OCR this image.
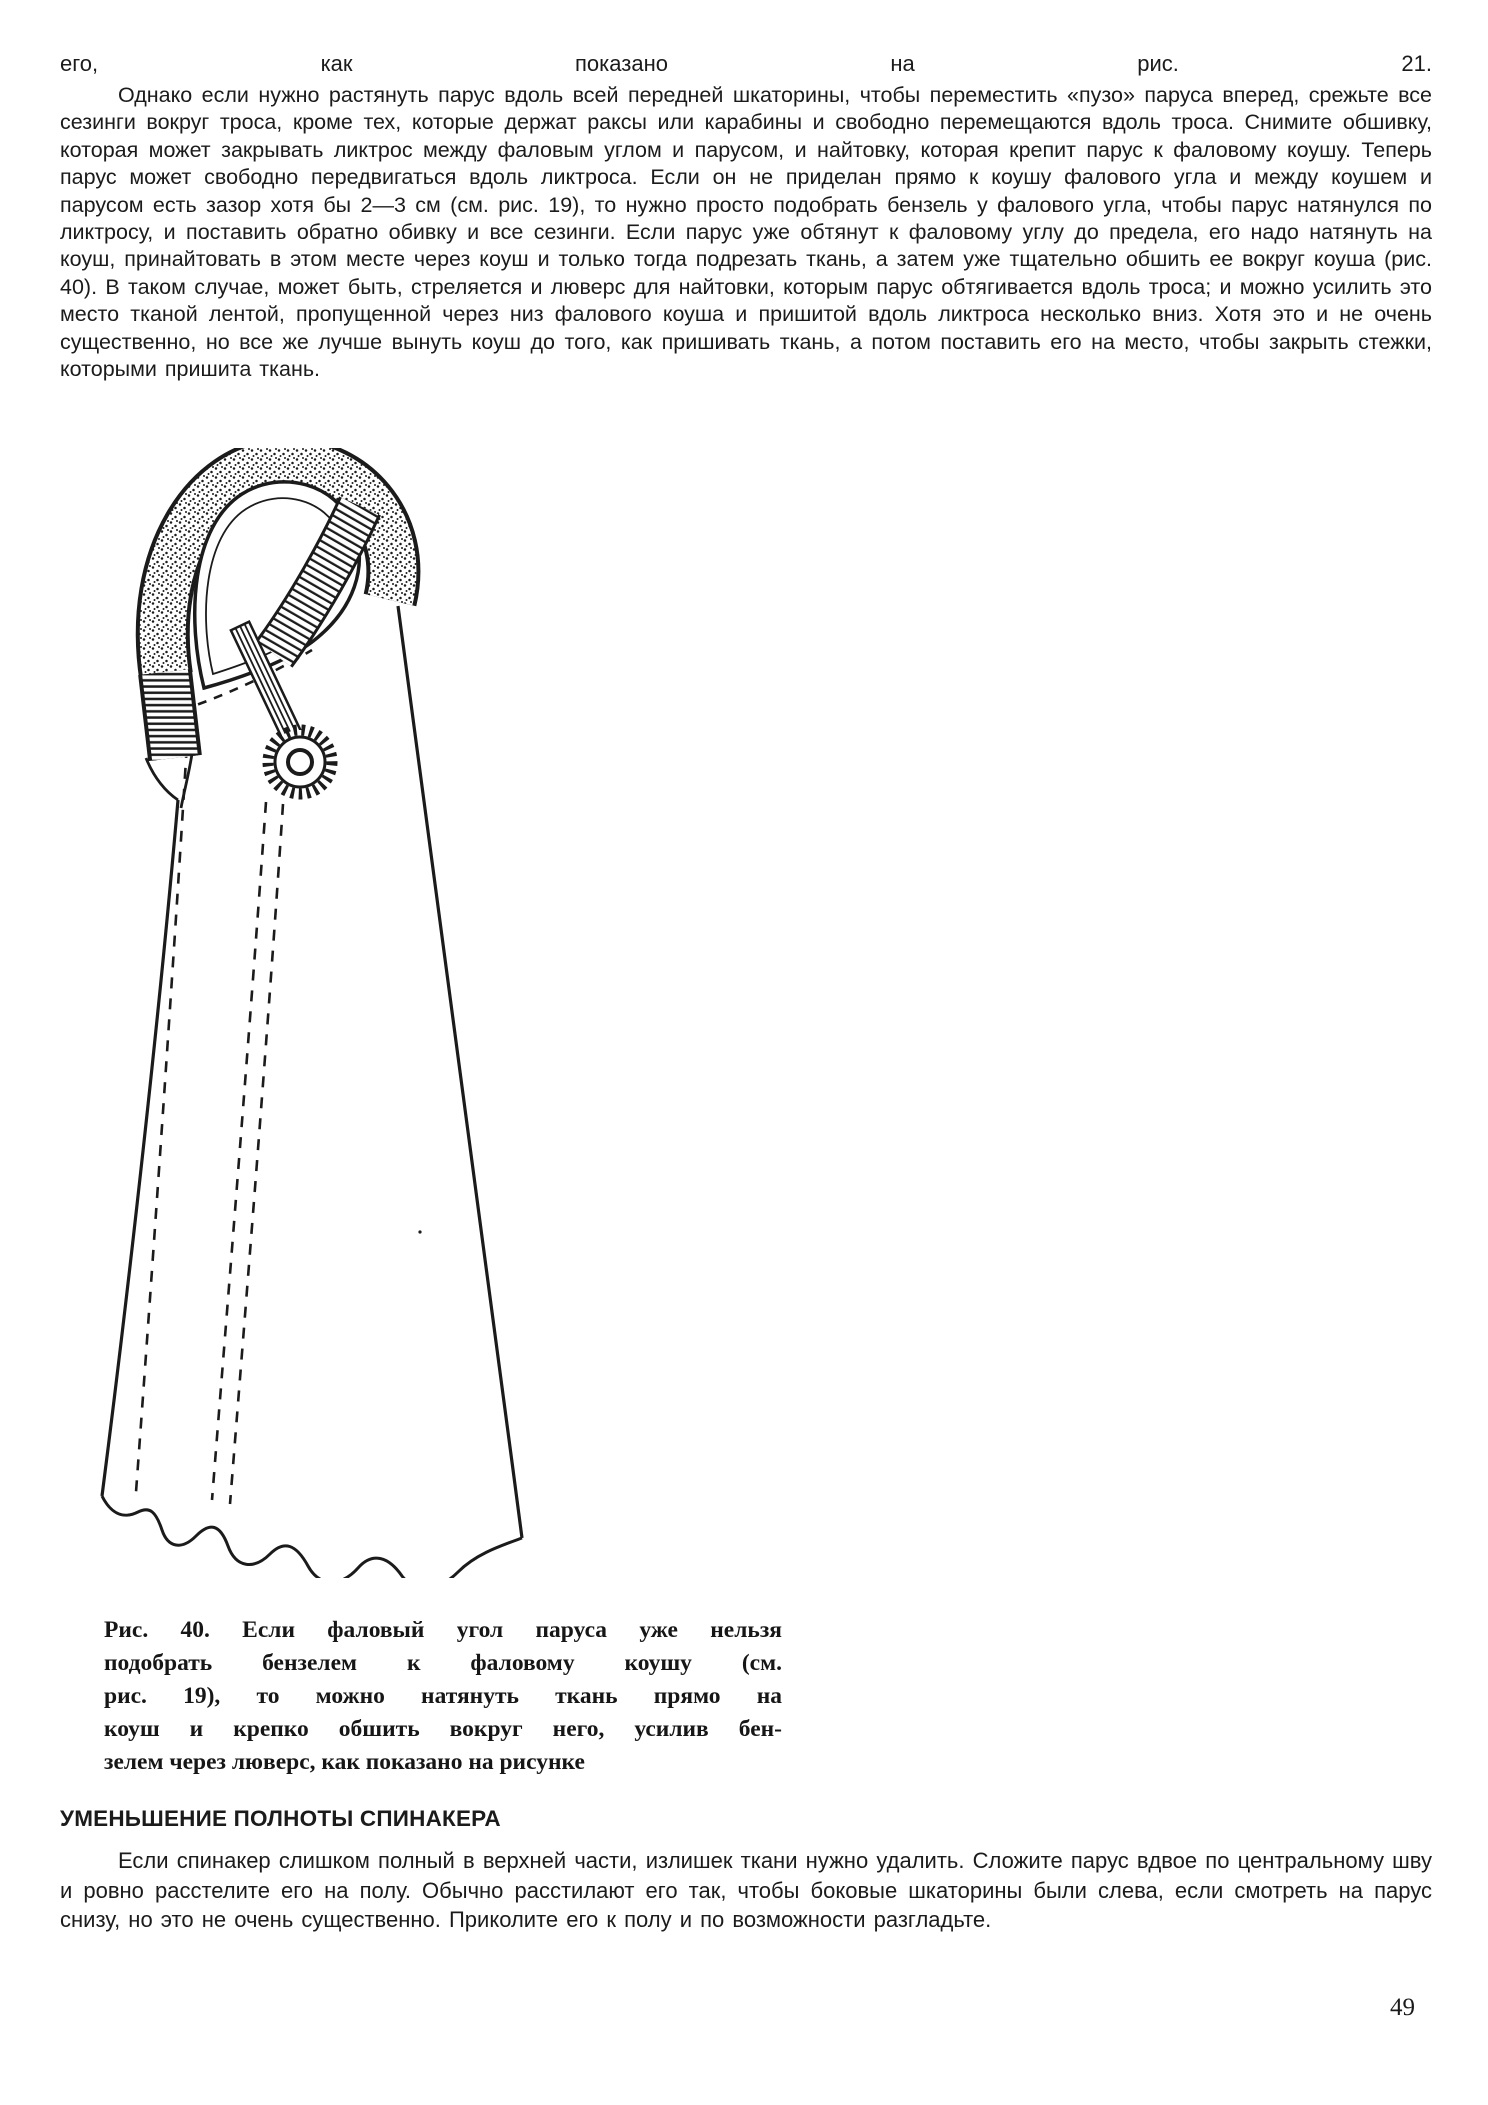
его,	как	показано	на	рис.	21.
Однако если нужно растянуть парус вдоль всей передней шкаторины, чтобы переместить «пузо» паруса вперед, срежьте все сезинги вокруг троса, кроме тех, которые держат раксы или карабины и свободно перемещаются вдоль троса. Снимите обшивку, которая может закрывать ликтрос между фаловым углом и парусом, и найтовку, которая крепит парус к фаловому коушу. Теперь парус может свободно передвигаться вдоль ликтроса. Если он не приделан прямо к коушу фалового угла и между коушем и парусом есть зазор хотя бы 2—3 см (см. рис. 19), то нужно просто подобрать бензель у фалового угла, чтобы парус натянулся по ликтросу, и поставить обратно обивку и все сезинги. Если парус уже обтянут к фаловому углу до предела, его надо натянуть на коуш, принайтовать в этом месте через коуш и только тогда подрезать ткань, а затем уже тщательно обшить ее вокруг коуша (рис. 40). В таком случае, может быть, стреляется и люверс для найтовки, которым парус обтягивается вдоль троса; и можно усилить это место тканой лентой, пропущенной через низ фалового коуша и пришитой вдоль ликтроса несколько вниз. Хотя это и не очень существенно, но все же лучше вынуть коуш до того, как пришивать ткань, а потом поставить его на место, чтобы закрыть стежки, которыми пришита ткань.
Рис. 40. Если фаловый угол паруса уже нельзя
подобрать бензелем к фаловому коушу (см.
рис. 19), то можно натянуть ткань прямо на
коуш и крепко обшить вокруг него, усилив бен-
зелем через люверс, как показано на рисунке
УМЕНЬШЕНИЕ ПОЛНОТЫ СПИНАКЕРА
Если спинакер слишком полный в верхней части, излишек ткани нужно удалить. Сложите парус вдвое по центральному шву и ровно расстелите его на полу. Обычно расстилают его так, чтобы боковые шкаторины были слева, если смотреть на парус снизу, но это не очень существенно. Приколите его к полу и по возможности разгладьте.
49
